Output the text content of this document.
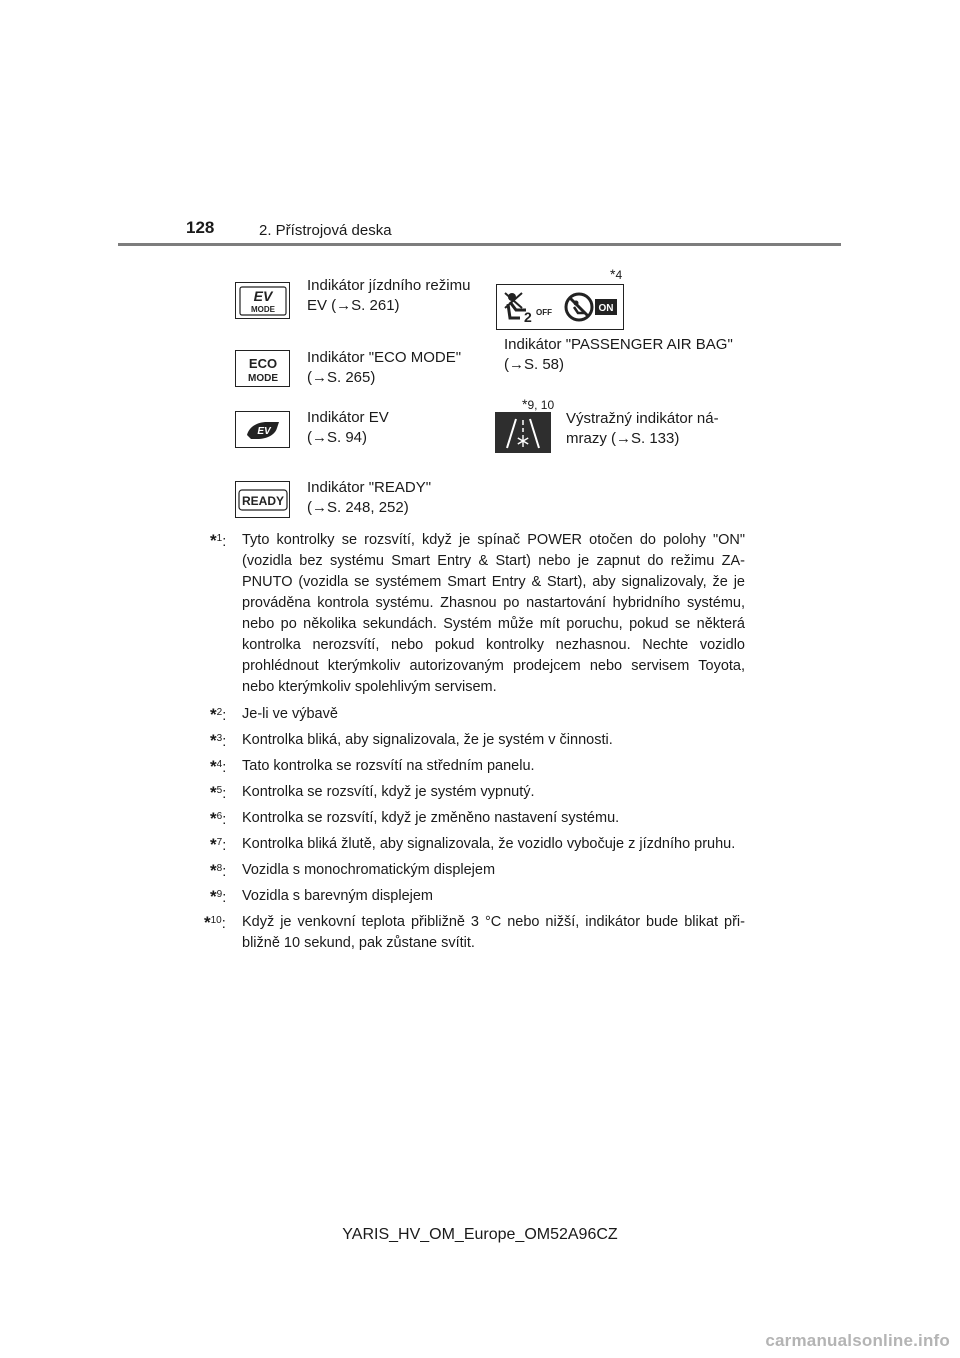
128	2. Přístrojová deska
EV
MODE
Indikátor jízdního režimu
EV (→S. 261)
ECO
MODE
Indikátor "ECO MODE"
(→S. 265)
EV
Indikátor EV
(→S. 94)
READY
Indikátor "READY"
(→S. 248, 252)
*4
2 OFF	ON
Indikátor "PASSENGER AIR BAG"
(→S. 58)
*9, 10
Výstražný indikátor ná-
mrazy (→S. 133)
*$^1$: Tyto kontrolky se rozsvítí, když je spínač POWER otočen do polohy "ON" (vozidla bez systému Smart Entry & Start) nebo je zapnut do režimu ZAPNUTO (vozidla se systémem Smart Entry & Start), aby signalizovaly, že je prováděna kontrola systému. Zhasnou po nastartování hybridního systému, nebo po několika sekundách. Systém může mít poruchu, pokud se některá kontrolka nerozsvítí, nebo pokud kontrolky nezhasnou. Nechte vozidlo prohlédnout kterýmkoliv autorizovaným prodejcem nebo servisem Toyota, nebo kterýmkoliv spolehlivým servisem.
*$^2$: Je-li ve výbavě
*$^3$: Kontrolka bliká, aby signalizovala, že je systém v činnosti.
*$^4$: Tato kontrolka se rozsvítí na středním panelu.
*$^5$: Kontrolka se rozsvítí, když je systém vypnutý.
*$^6$: Kontrolka se rozsvítí, když je změněno nastavení systému.
*$^7$: Kontrolka bliká žlutě, aby signalizovala, že vozidlo vybočuje z jízdního pruhu.
*$^8$: Vozidla s monochromatickým displejem
*$^9$: Vozidla s barevným displejem
*$^{10}$: Když je venkovní teplota přibližně 3 °C nebo nižší, indikátor bude blikat přibližně 10 sekund, pak zůstane svítit.
YARIS_HV_OM_Europe_OM52A96CZ
carmanualsonline.info
